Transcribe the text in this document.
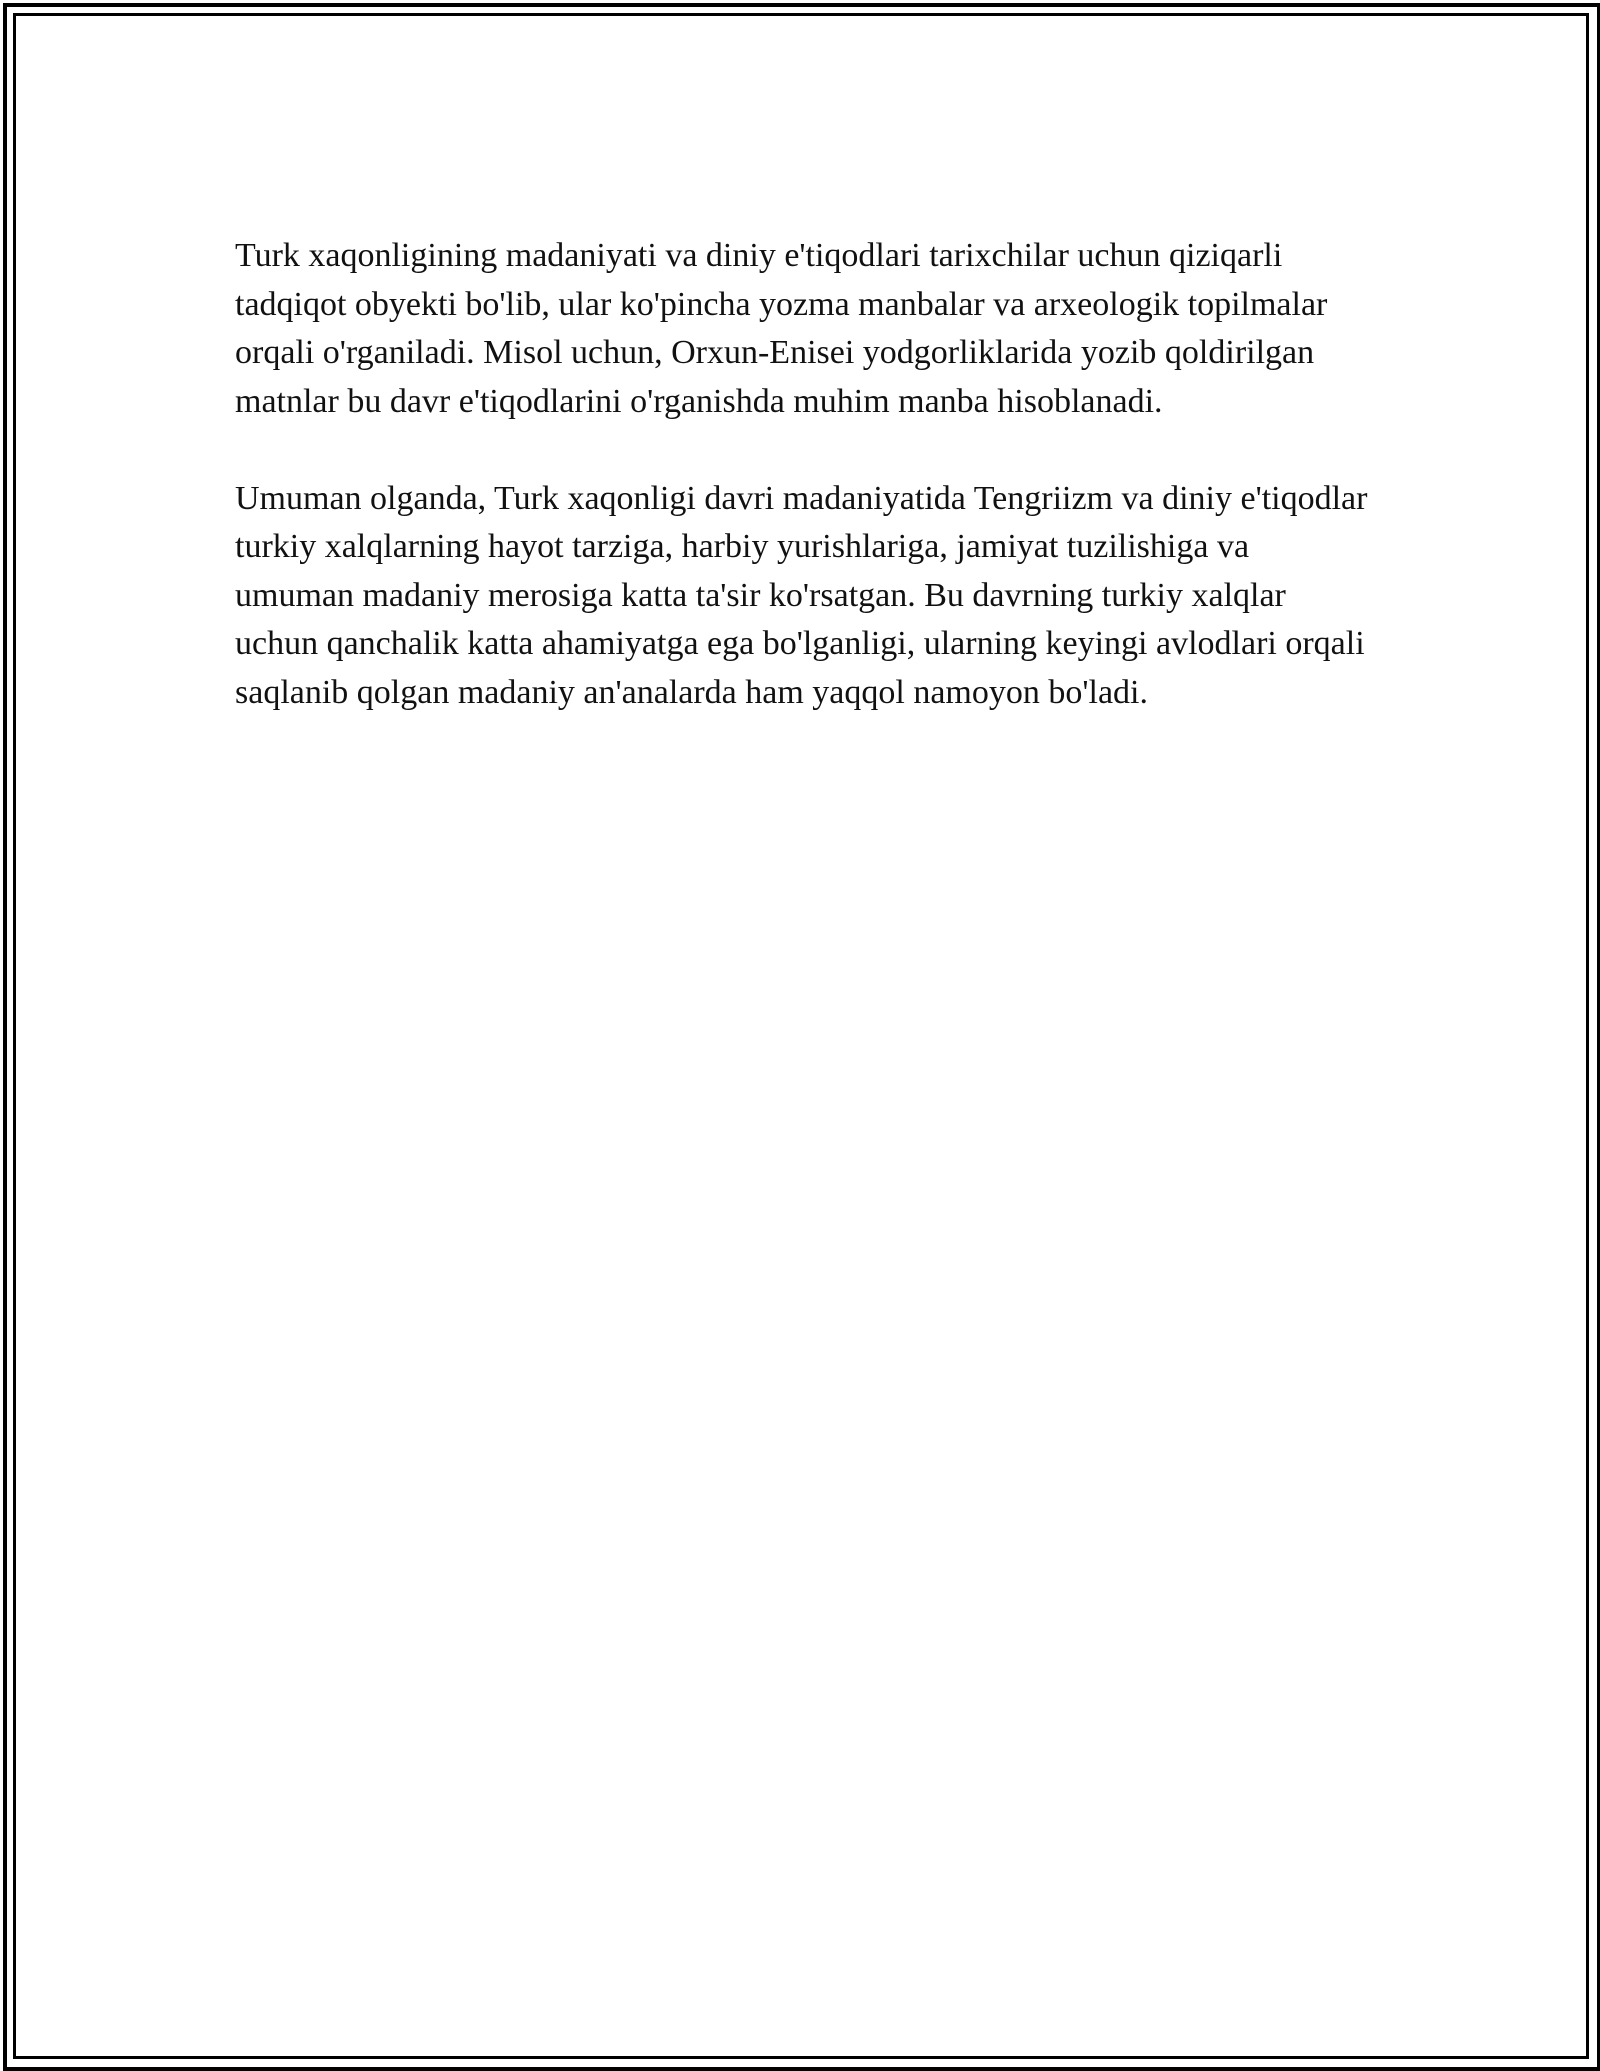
Turk xaqonligining madaniyati va diniy e'tiqodlari tarixchilar uchun qiziqarli tadqiqot obyekti bo'lib, ular ko'pincha yozma manbalar va arxeologik topilmalar orqali o'rganiladi. Misol uchun, Orxun-Enisei yodgorliklarida yozib qoldirilgan matnlar bu davr e'tiqodlarini o'rganishda muhim manba hisoblanadi.

Umuman olganda, Turk xaqonligi davri madaniyatida Tengriizm va diniy e'tiqodlar turkiy xalqlarning hayot tarziga, harbiy yurishlariga, jamiyat tuzilishiga va umuman madaniy merosiga katta ta'sir ko'rsatgan. Bu davrning turkiy xalqlar uchun qanchalik katta ahamiyatga ega bo'lganligi, ularning keyingi avlodlari orqali saqlanib qolgan madaniy an'analarda ham yaqqol namoyon bo'ladi.
